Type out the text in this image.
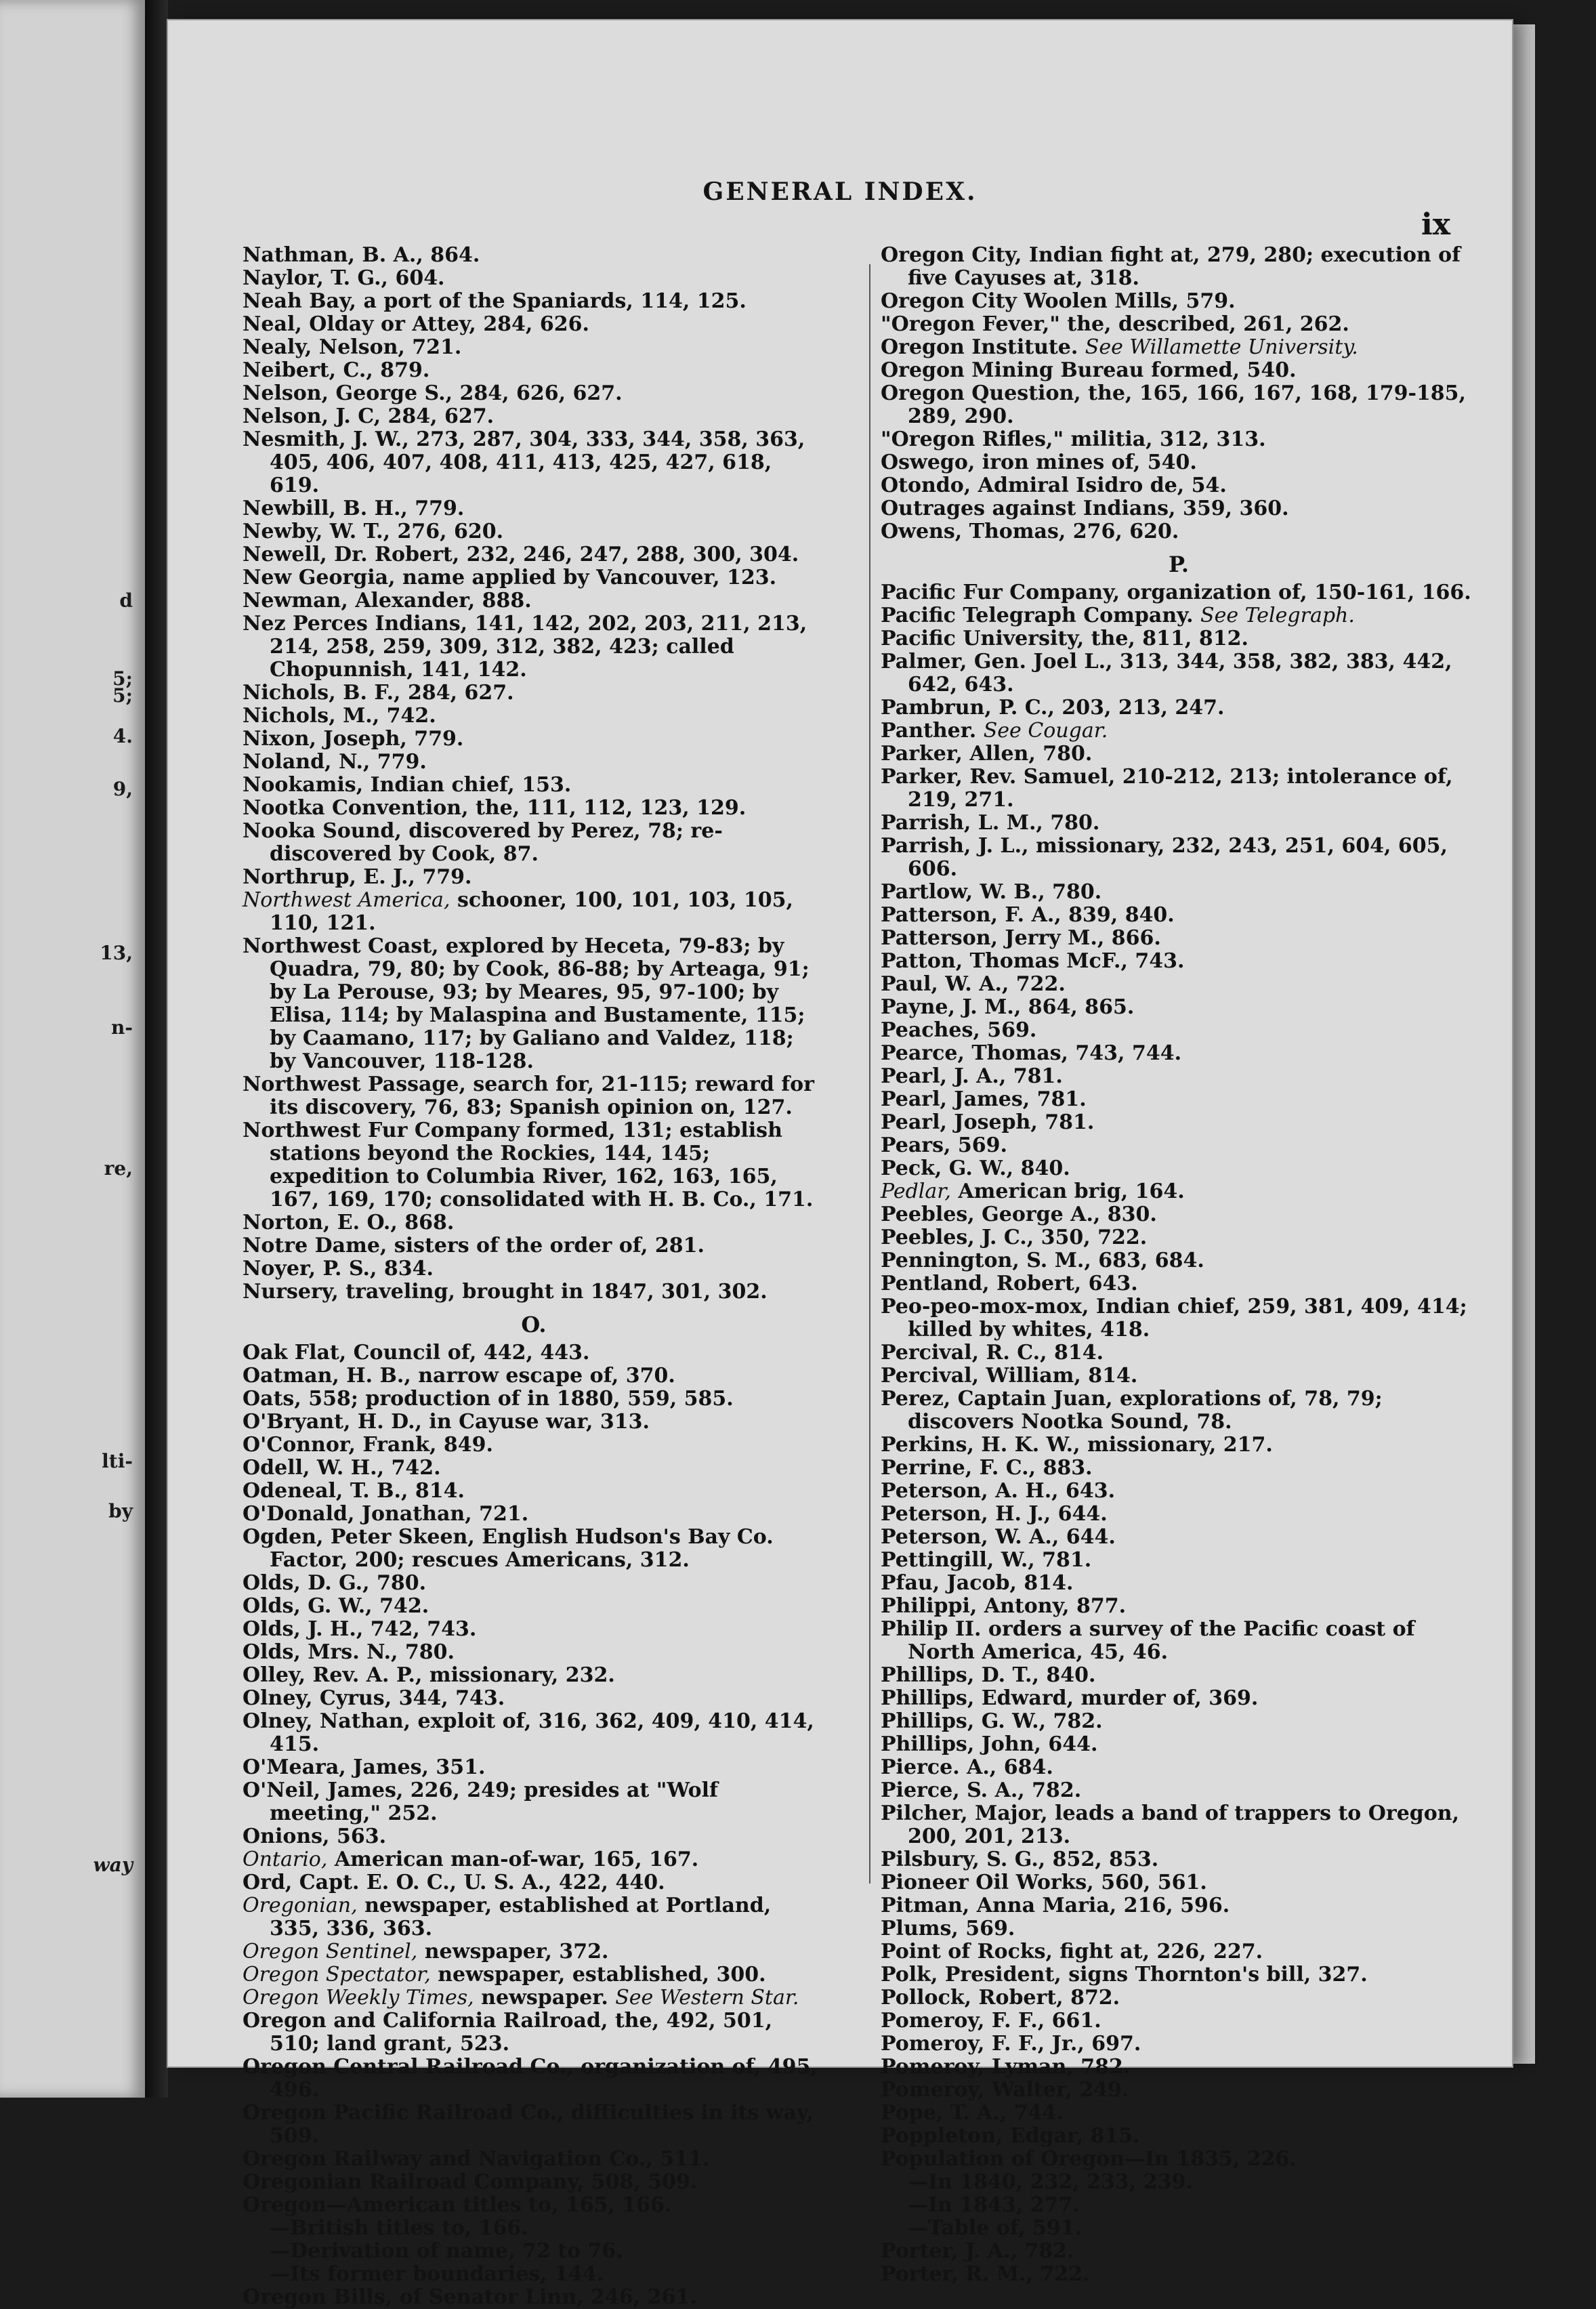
d
5;
5;
4.
9,
13,
n-
re,
lti-
by
way
GENERAL INDEX.
ix

Nathman, B. A., 864.

Naylor, T. G., 604.

Neah Bay, a port of the Spaniards, 114, 125.

Neal, Olday or Attey, 284, 626.

Nealy, Nelson, 721.

Neibert, C., 879.

Nelson, George S., 284, 626, 627.

Nelson, J. C, 284, 627.

Nesmith, J. W., 273, 287, 304, 333, 344, 358, 363, 405, 406, 407, 408, 411, 413, 425, 427, 618, 619.

Newbill, B. H., 779.

Newby, W. T., 276, 620.

Newell, Dr. Robert, 232, 246, 247, 288, 300, 304.

New Georgia, name applied by Vancouver, 123.

Newman, Alexander, 888.

Nez Perces Indians, 141, 142, 202, 203, 211, 213, 214, 258, 259, 309, 312, 382, 423; called Chopunnish, 141, 142.

Nichols, B. F., 284, 627.

Nichols, M., 742.

Nixon, Joseph, 779.

Noland, N., 779.

Nookamis, Indian chief, 153.

Nootka Convention, the, 111, 112, 123, 129.

Nooka Sound, discovered by Perez, 78; re-discovered by Cook, 87.

Northrup, E. J., 779.

Northwest America, schooner, 100, 101, 103, 105, 110, 121.

Northwest Coast, explored by Heceta, 79-83; by Quadra, 79, 80; by Cook, 86-88; by Arteaga, 91; by La Perouse, 93; by Meares, 95, 97-100; by Elisa, 114; by Malaspina and Bustamente, 115; by Caamano, 117; by Galiano and Valdez, 118; by Vancouver, 118-128.

Northwest Passage, search for, 21-115; reward for its discovery, 76, 83; Spanish opinion on, 127.

Northwest Fur Company formed, 131; establish stations beyond the Rockies, 144, 145; expedition to Columbia River, 162, 163, 165, 167, 169, 170; consolidated with H. B. Co., 171.

Norton, E. O., 868.

Notre Dame, sisters of the order of, 281.

Noyer, P. S., 834.

Nursery, traveling, brought in 1847, 301, 302.

O.

Oak Flat, Council of, 442, 443.

Oatman, H. B., narrow escape of, 370.

Oats, 558; production of in 1880, 559, 585.

O'Bryant, H. D., in Cayuse war, 313.

O'Connor, Frank, 849.

Odell, W. H., 742.

Odeneal, T. B., 814.

O'Donald, Jonathan, 721.

Ogden, Peter Skeen, English Hudson's Bay Co. Factor, 200; rescues Americans, 312.

Olds, D. G., 780.

Olds, G. W., 742.

Olds, J. H., 742, 743.

Olds, Mrs. N., 780.

Olley, Rev. A. P., missionary, 232.

Olney, Cyrus, 344, 743.

Olney, Nathan, exploit of, 316, 362, 409, 410, 414, 415.

O'Meara, James, 351.

O'Neil, James, 226, 249; presides at "Wolf meeting," 252.

Onions, 563.

Ontario, American man-of-war, 165, 167.

Ord, Capt. E. O. C., U. S. A., 422, 440.

Oregonian, newspaper, established at Portland, 335, 336, 363.

Oregon Sentinel, newspaper, 372.

Oregon Spectator, newspaper, established, 300.

Oregon Weekly Times, newspaper. See Western Star.

Oregon and California Railroad, the, 492, 501, 510; land grant, 523.

Oregon Central Railroad Co., organization of, 495, 496.

Oregon Pacific Railroad Co., difficulties in its way, 509.

Oregon Railway and Navigation Co., 511.

Oregonian Railroad Company, 508, 509.

Oregon—American titles to, 165, 166.

—British titles to, 166.

—Derivation of name, 72 to 76.

—Its former boundaries, 144.

Oregon Bills, of Senator Linn, 246, 261.

Oregon City, Indian fight at, 279, 280; execution of five Cayuses at, 318.

Oregon City Woolen Mills, 579.

"Oregon Fever," the, described, 261, 262.

Oregon Institute. See Willamette University.

Oregon Mining Bureau formed, 540.

Oregon Question, the, 165, 166, 167, 168, 179-185, 289, 290.

"Oregon Rifles," militia, 312, 313.

Oswego, iron mines of, 540.

Otondo, Admiral Isidro de, 54.

Outrages against Indians, 359, 360.

Owens, Thomas, 276, 620.

P.

Pacific Fur Company, organization of, 150-161, 166.

Pacific Telegraph Company. See Telegraph.

Pacific University, the, 811, 812.

Palmer, Gen. Joel L., 313, 344, 358, 382, 383, 442, 642, 643.

Pambrun, P. C., 203, 213, 247.

Panther. See Cougar.

Parker, Allen, 780.

Parker, Rev. Samuel, 210-212, 213; intolerance of, 219, 271.

Parrish, L. M., 780.

Parrish, J. L., missionary, 232, 243, 251, 604, 605, 606.

Partlow, W. B., 780.

Patterson, F. A., 839, 840.

Patterson, Jerry M., 866.

Patton, Thomas McF., 743.

Paul, W. A., 722.

Payne, J. M., 864, 865.

Peaches, 569.

Pearce, Thomas, 743, 744.

Pearl, J. A., 781.

Pearl, James, 781.

Pearl, Joseph, 781.

Pears, 569.

Peck, G. W., 840.

Pedlar, American brig, 164.

Peebles, George A., 830.

Peebles, J. C., 350, 722.

Pennington, S. M., 683, 684.

Pentland, Robert, 643.

Peo-peo-mox-mox, Indian chief, 259, 381, 409, 414; killed by whites, 418.

Percival, R. C., 814.

Percival, William, 814.

Perez, Captain Juan, explorations of, 78, 79; discovers Nootka Sound, 78.

Perkins, H. K. W., missionary, 217.

Perrine, F. C., 883.

Peterson, A. H., 643.

Peterson, H. J., 644.

Peterson, W. A., 644.

Pettingill, W., 781.

Pfau, Jacob, 814.

Philippi, Antony, 877.

Philip II. orders a survey of the Pacific coast of North America, 45, 46.

Phillips, D. T., 840.

Phillips, Edward, murder of, 369.

Phillips, G. W., 782.

Phillips, John, 644.

Pierce. A., 684.

Pierce, S. A., 782.

Pilcher, Major, leads a band of trappers to Oregon, 200, 201, 213.

Pilsbury, S. G., 852, 853.

Pioneer Oil Works, 560, 561.

Pitman, Anna Maria, 216, 596.

Plums, 569.

Point of Rocks, fight at, 226, 227.

Polk, President, signs Thornton's bill, 327.

Pollock, Robert, 872.

Pomeroy, F. F., 661.

Pomeroy, F. F., Jr., 697.

Pomeroy, Lyman, 782.

Pomeroy, Walter, 249.

Pope, T. A., 744.

Poppleton, Edgar, 815.

Population of Oregon—In 1835, 226.

—In 1840, 232, 233, 239.

—In 1843, 277.

—Table of, 591.

Porter, J. A., 782.

Porter, R. M., 722.
